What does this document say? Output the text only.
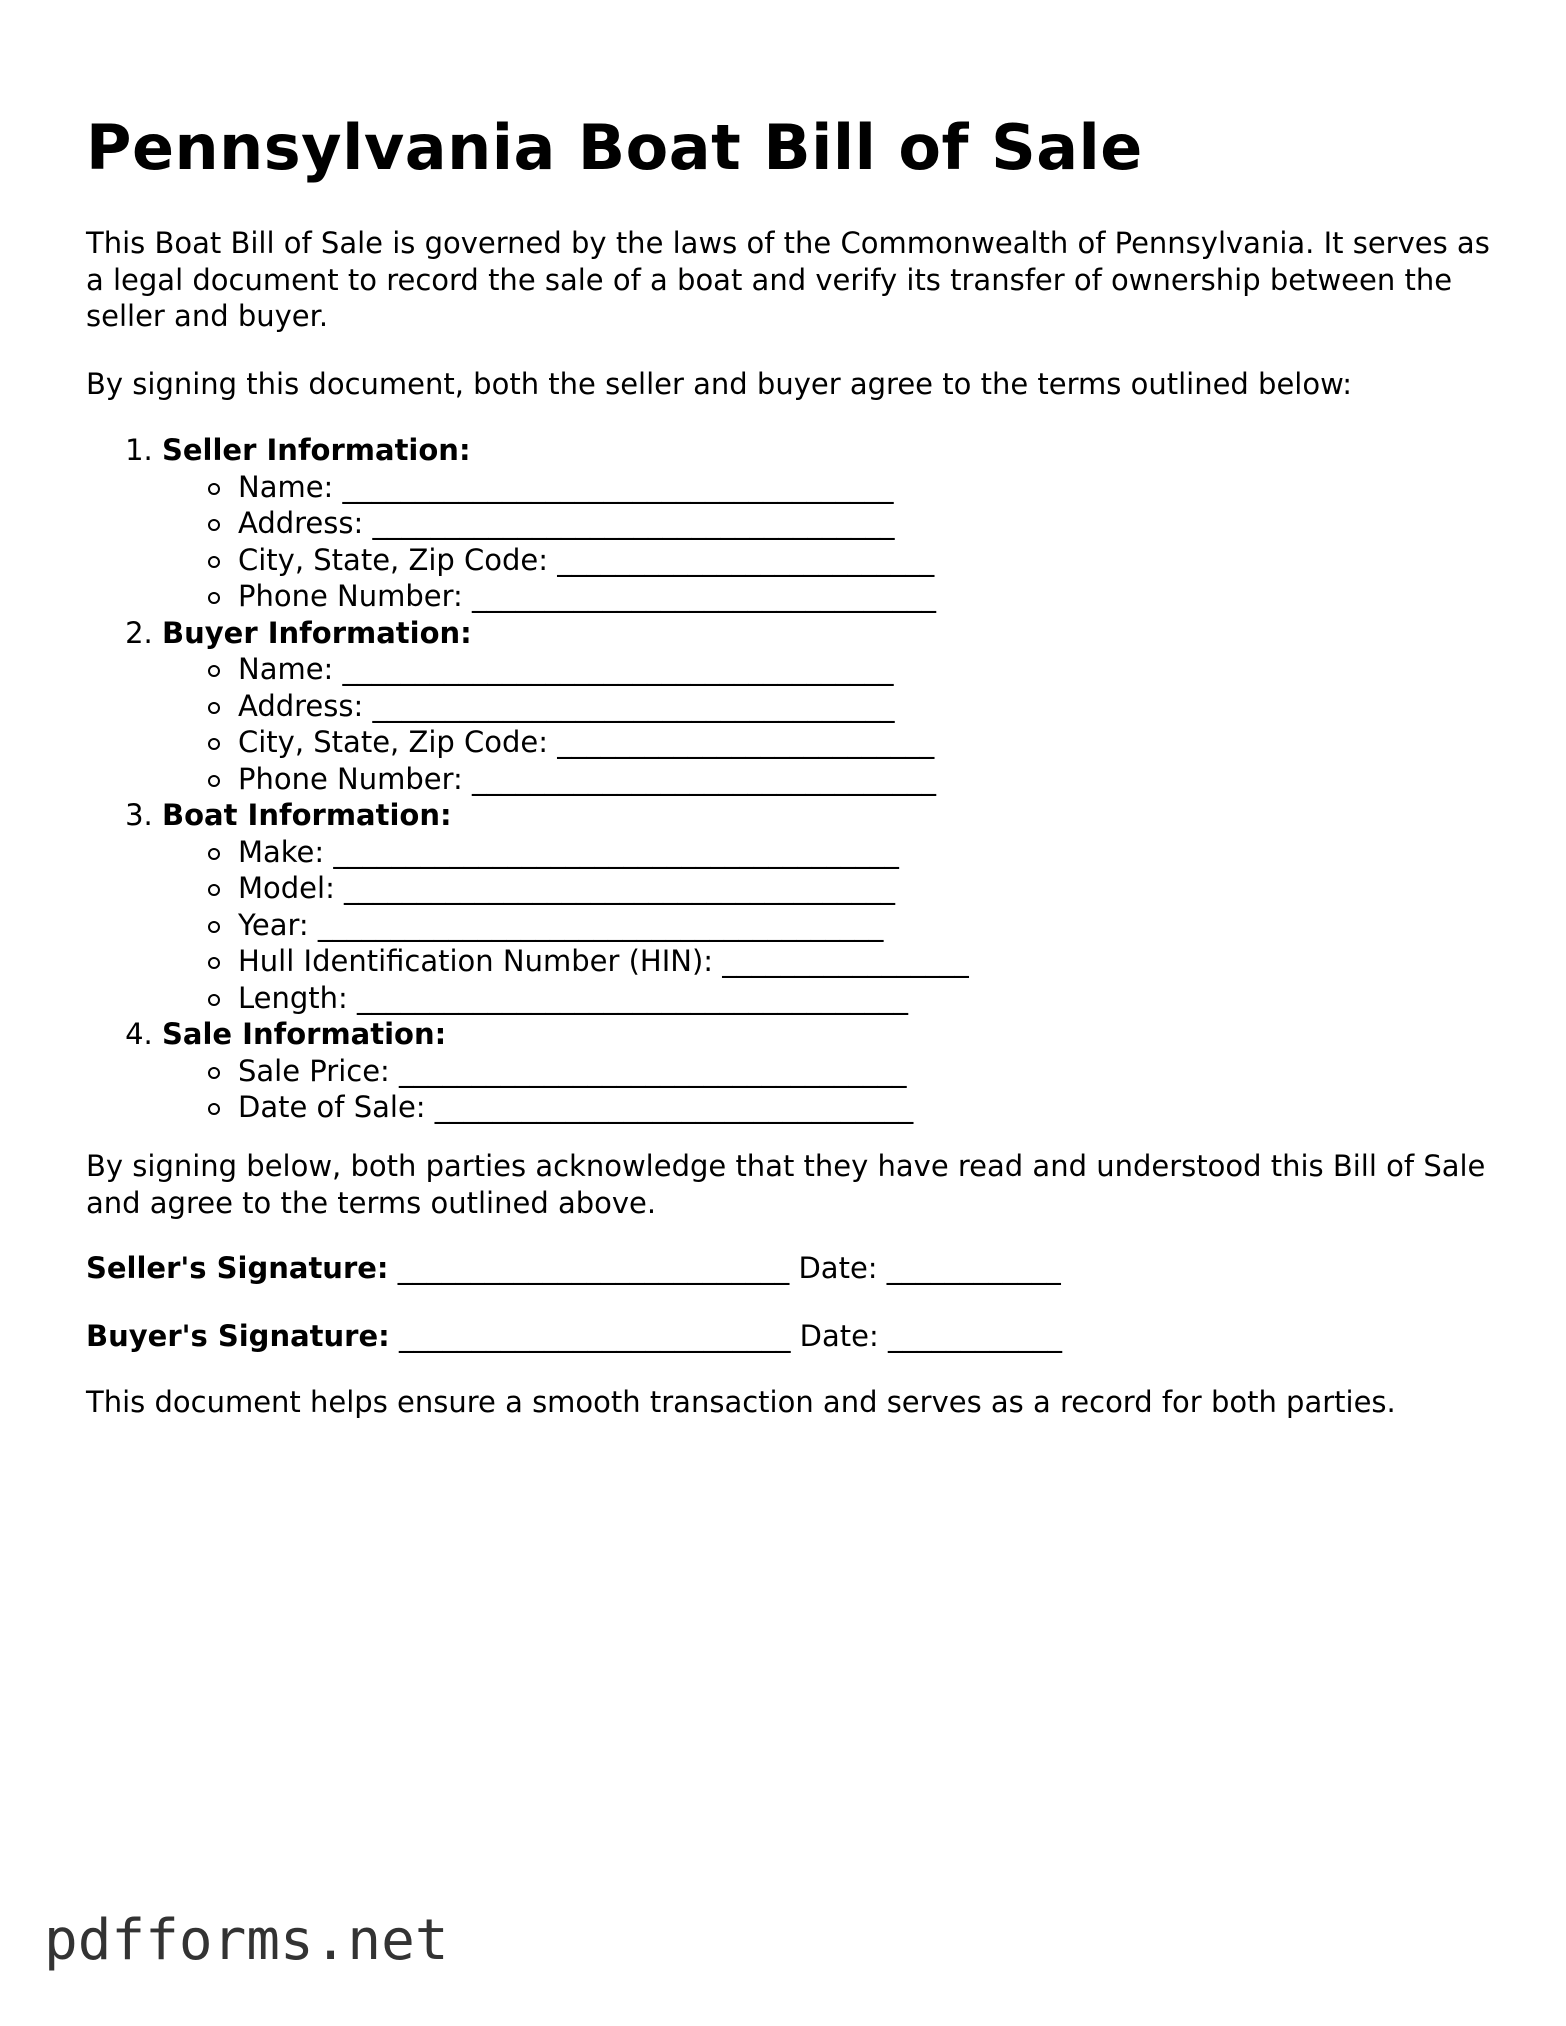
Pennsylvania Boat Bill of Sale

This Boat Bill of Sale is governed by the laws of the Commonwealth of Pennsylvania. It serves as a legal document to record the sale of a boat and verify its transfer of ownership between the seller and buyer.

By signing this document, both the seller and buyer agree to the terms outlined below:

1. Seller Information:
Name: ______________________________________
Address: ____________________________________
City, State, Zip Code: __________________________
Phone Number: ________________________________
2. Buyer Information:
Name: ______________________________________
Address: ____________________________________
City, State, Zip Code: __________________________
Phone Number: ________________________________
3. Boat Information:
Make: _______________________________________
Model: ______________________________________
Year: _______________________________________
Hull Identification Number (HIN): _________________
Length: ______________________________________
4. Sale Information:
Sale Price: ___________________________________
Date of Sale: _________________________________

By signing below, both parties acknowledge that they have read and understood this Bill of Sale and agree to the terms outlined above.

Seller's Signature: ___________________________ Date: ____________
Buyer's Signature: ___________________________ Date: ____________

This document helps ensure a smooth transaction and serves as a record for both parties.

pdfforms.net
